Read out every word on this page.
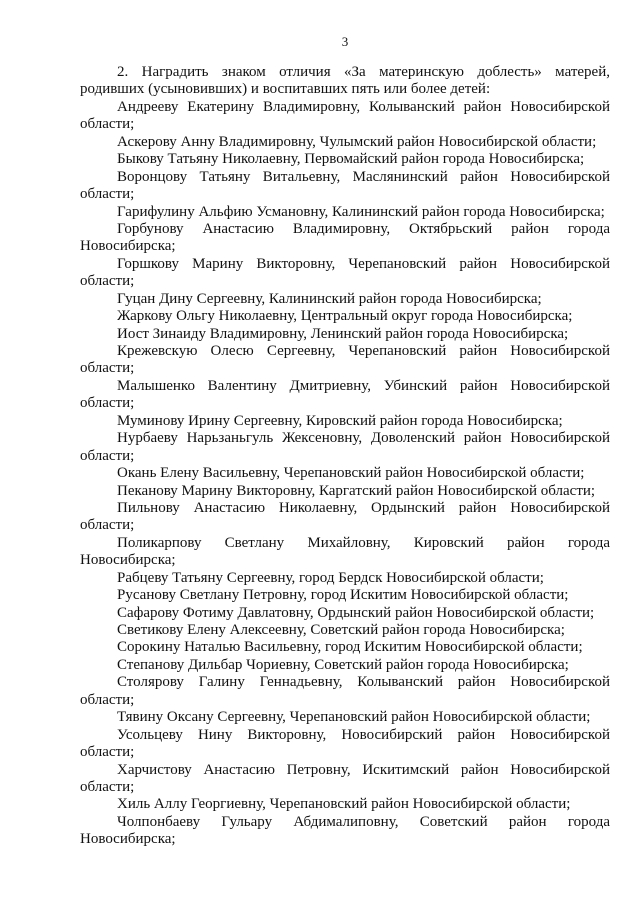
3
2. Наградить знаком отличия «За материнскую доблесть» матерей,
родивших (усыновивших) и воспитавших пять или более детей:
Андрееву Екатерину Владимировну, Колыванский район Новосибирской
области;
Аскерову Анну Владимировну, Чулымский район Новосибирской области;
Быкову Татьяну Николаевну, Первомайский район города Новосибирска;
Воронцову Татьяну Витальевну, Маслянинский район Новосибирской
области;
Гарифулину Альфию Усмановну, Калининский район города Новосибирска;
Горбунову Анастасию Владимировну, Октябрьский район города
Новосибирска;
Горшкову Марину Викторовну, Черепановский район Новосибирской
области;
Гуцан Дину Сергеевну, Калининский район города Новосибирска;
Жаркову Ольгу Николаевну, Центральный округ города Новосибирска;
Иост Зинаиду Владимировну, Ленинский район города Новосибирска;
Крежевскую Олесю Сергеевну, Черепановский район Новосибирской
области;
Малышенко Валентину Дмитриевну, Убинский район Новосибирской
области;
Муминову Ирину Сергеевну, Кировский район города Новосибирска;
Нурбаеву Нарьзаньгуль Жексеновну, Доволенский район Новосибирской
области;
Окань Елену Васильевну, Черепановский район Новосибирской области;
Пеканову Марину Викторовну, Каргатский район Новосибирской области;
Пильнову Анастасию Николаевну, Ордынский район Новосибирской
области;
Поликарпову Светлану Михайловну, Кировский район города
Новосибирска;
Рабцеву Татьяну Сергеевну, город Бердск Новосибирской области;
Русанову Светлану Петровну, город Искитим Новосибирской области;
Сафарову Фотиму Давлатовну, Ордынский район Новосибирской области;
Светикову Елену Алексеевну, Советский район города Новосибирска;
Сорокину Наталью Васильевну, город Искитим Новосибирской области;
Степанову Дильбар Чориевну, Советский район города Новосибирска;
Столярову Галину Геннадьевну, Колыванский район Новосибирской
области;
Тявину Оксану Сергеевну, Черепановский район Новосибирской области;
Усольцеву Нину Викторовну, Новосибирский район Новосибирской
области;
Харчистову Анастасию Петровну, Искитимский район Новосибирской
области;
Хиль Аллу Георгиевну, Черепановский район Новосибирской области;
Чолпонбаеву Гульару Абдималиповну, Советский район города
Новосибирска;
